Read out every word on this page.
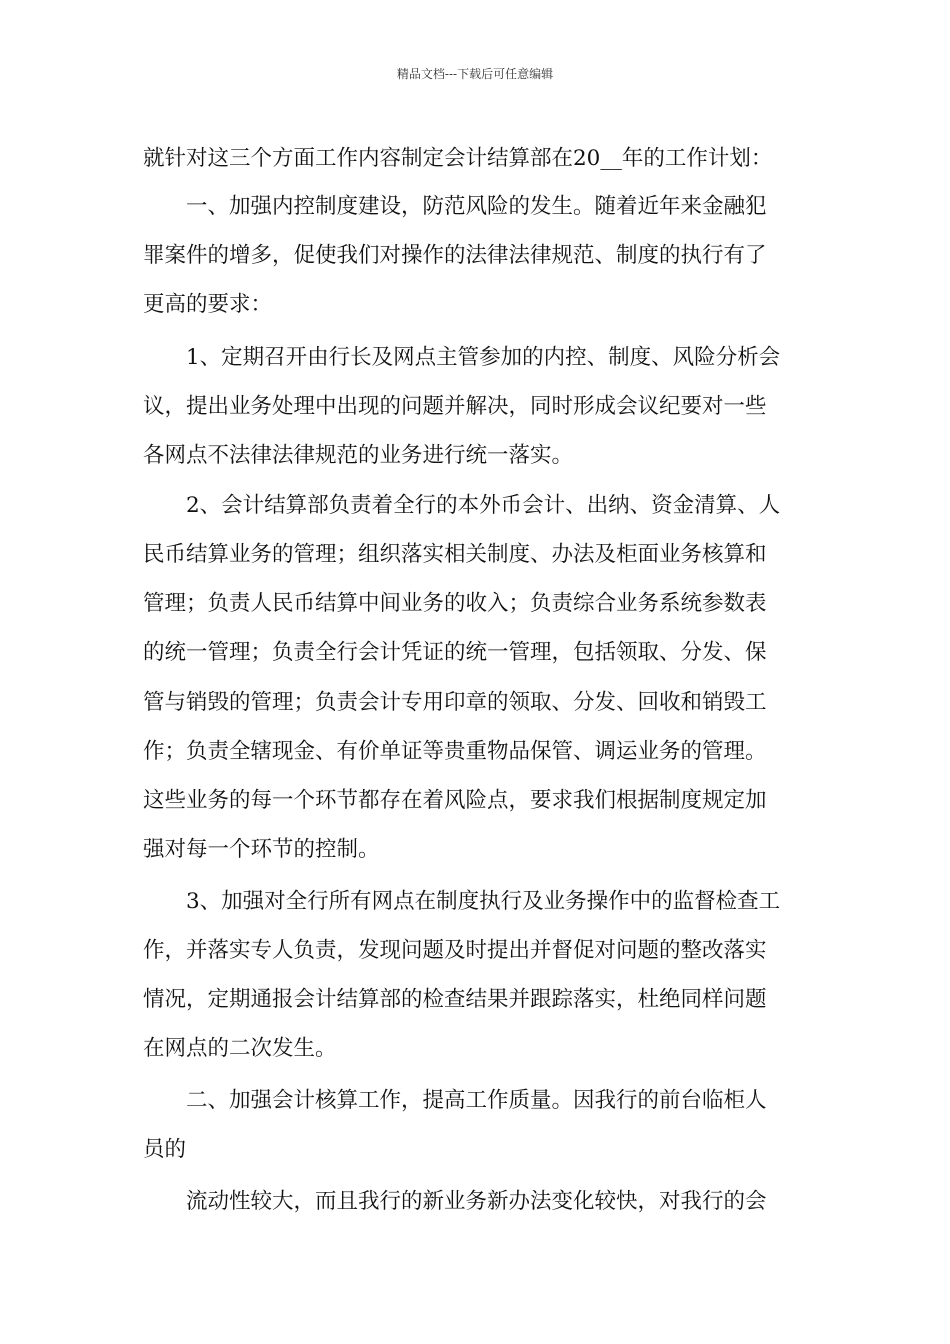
精品文档---下载后可任意编辑
就针对这三个方面工作内容制定会计结算部在20__年的工作计划：
　　一、加强内控制度建设，防范风险的发生。随着近年来金融犯
罪案件的增多，促使我们对操作的法律法律规范、制度的执行有了
更高的要求：
　　1、定期召开由行长及网点主管参加的内控、制度、风险分析会
议，提出业务处理中出现的问题并解决，同时形成会议纪要对一些
各网点不法律法律规范的业务进行统一落实。
　　2、会计结算部负责着全行的本外币会计、出纳、资金清算、人
民币结算业务的管理；组织落实相关制度、办法及柜面业务核算和
管理；负责人民币结算中间业务的收入；负责综合业务系统参数表
的统一管理；负责全行会计凭证的统一管理，包括领取、分发、保
管与销毁的管理；负责会计专用印章的领取、分发、回收和销毁工
作；负责全辖现金、有价单证等贵重物品保管、调运业务的管理。
这些业务的每一个环节都存在着风险点，要求我们根据制度规定加
强对每一个环节的控制。
　　3、加强对全行所有网点在制度执行及业务操作中的监督检查工
作，并落实专人负责，发现问题及时提出并督促对问题的整改落实
情况，定期通报会计结算部的检查结果并跟踪落实，杜绝同样问题
在网点的二次发生。
　　二、加强会计核算工作，提高工作质量。因我行的前台临柜人
员的
　　流动性较大，而且我行的新业务新办法变化较快，对我行的会
